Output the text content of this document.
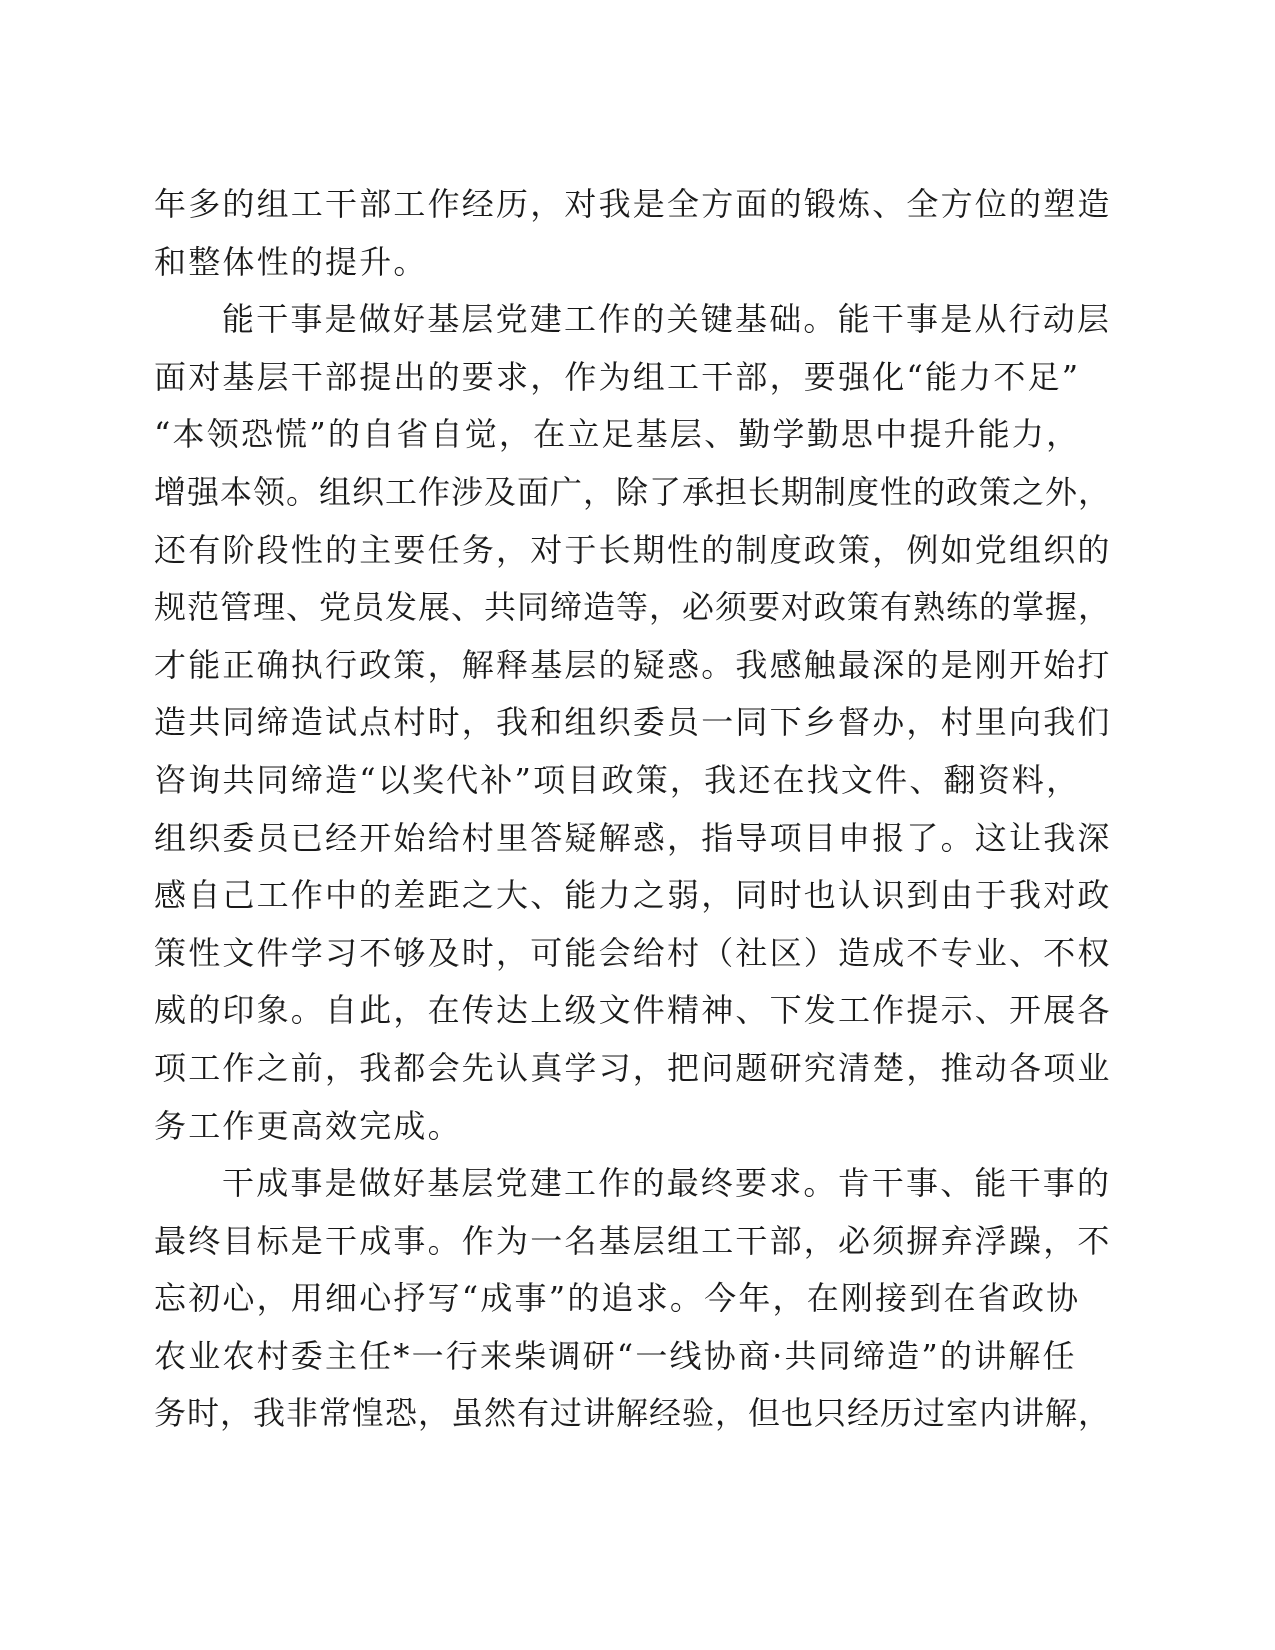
年多的组工干部工作经历，对我是全方面的锻炼、全方位的塑造
和整体性的提升。
能干事是做好基层党建工作的关键基础。能干事是从行动层
面对基层干部提出的要求，作为组工干部，要强化“能力不足”
“本领恐慌”的自省自觉，在立足基层、勤学勤思中提升能力，
增强本领。组织工作涉及面广，除了承担长期制度性的政策之外，
还有阶段性的主要任务，对于长期性的制度政策，例如党组织的
规范管理、党员发展、共同缔造等，必须要对政策有熟练的掌握，
才能正确执行政策，解释基层的疑惑。我感触最深的是刚开始打
造共同缔造试点村时，我和组织委员一同下乡督办，村里向我们
咨询共同缔造“以奖代补”项目政策，我还在找文件、翻资料，
组织委员已经开始给村里答疑解惑，指导项目申报了。这让我深
感自己工作中的差距之大、能力之弱，同时也认识到由于我对政
策性文件学习不够及时，可能会给村（社区）造成不专业、不权
威的印象。自此，在传达上级文件精神、下发工作提示、开展各
项工作之前，我都会先认真学习，把问题研究清楚，推动各项业
务工作更高效完成。
干成事是做好基层党建工作的最终要求。肯干事、能干事的
最终目标是干成事。作为一名基层组工干部，必须摒弃浮躁，不
忘初心，用细心抒写“成事”的追求。今年，在刚接到在省政协
农业农村委主任*一行来柴调研“一线协商·共同缔造”的讲解任
务时，我非常惶恐，虽然有过讲解经验，但也只经历过室内讲解，
